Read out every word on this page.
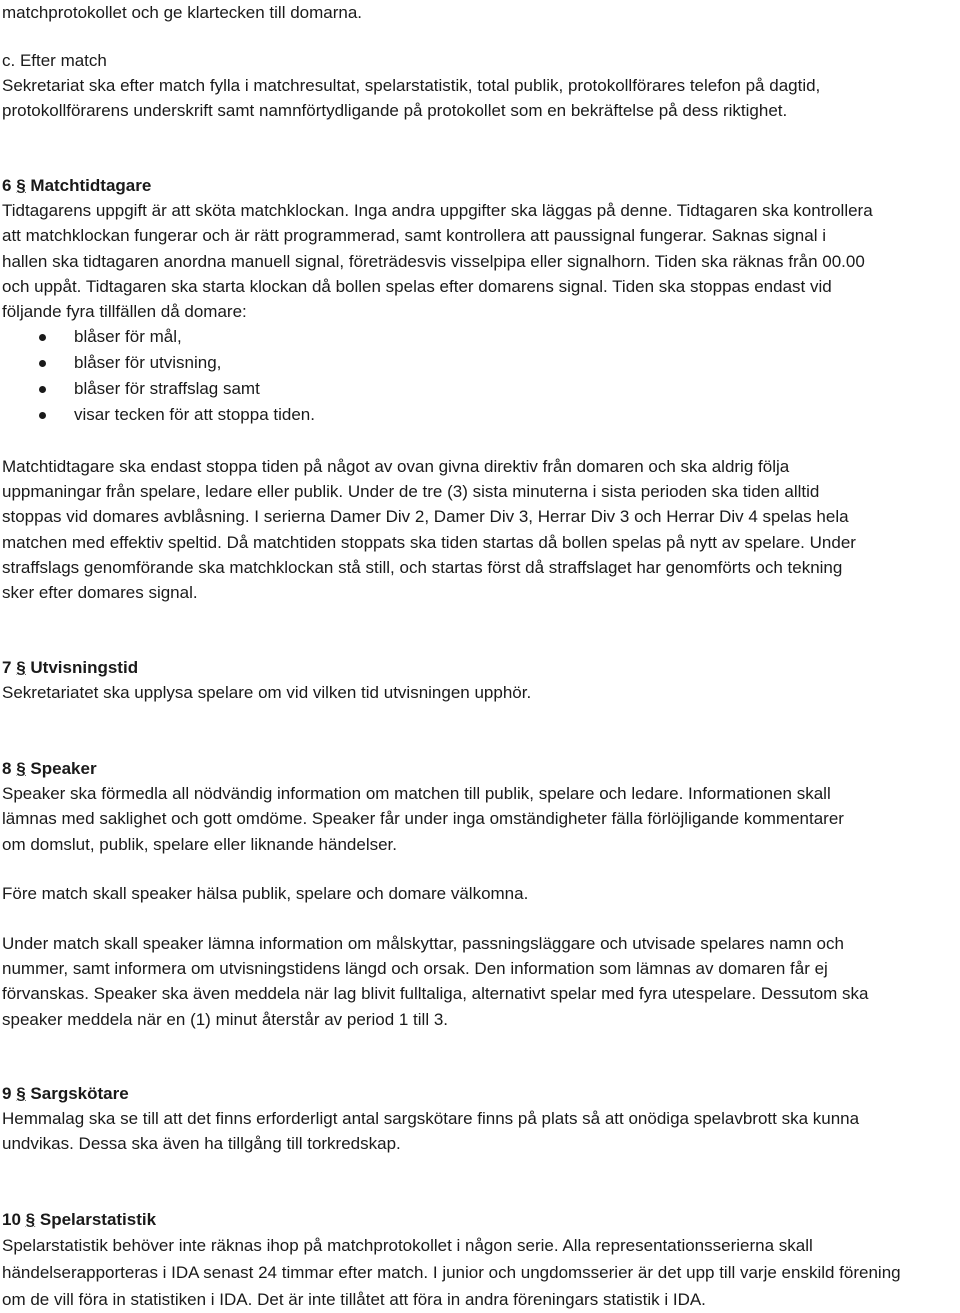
matchprotokollet och ge klartecken till domarna.
c. Efter match
Sekretariat ska efter match fylla i matchresultat, spelarstatistik, total publik, protokollförares telefon på dagtid,
protokollförarens underskrift samt namnförtydligande på protokollet som en bekräftelse på dess riktighet.
6 § Matchtidtagare
Tidtagarens uppgift är att sköta matchklockan. Inga andra uppgifter ska läggas på denne. Tidtagaren ska kontrollera
att matchklockan fungerar och är rätt programmerad, samt kontrollera att paussignal fungerar. Saknas signal i
hallen ska tidtagaren anordna manuell signal, företrädesvis visselpipa eller signalhorn. Tiden ska räknas från 00.00
och uppåt. Tidtagaren ska starta klockan då bollen spelas efter domarens signal. Tiden ska stoppas endast vid
följande fyra tillfällen då domare:
blåser för mål,
blåser för utvisning,
blåser för straffslag samt
visar tecken för att stoppa tiden.
Matchtidtagare ska endast stoppa tiden på något av ovan givna direktiv från domaren och ska aldrig följa
uppmaningar från spelare, ledare eller publik. Under de tre (3) sista minuterna i sista perioden ska tiden alltid
stoppas vid domares avblåsning. I serierna Damer Div 2, Damer Div 3, Herrar Div 3 och Herrar Div 4 spelas hela
matchen med effektiv speltid. Då matchtiden stoppats ska tiden startas då bollen spelas på nytt av spelare. Under
straffslags genomförande ska matchklockan stå still, och startas först då straffslaget har genomförts och tekning
sker efter domares signal.
7 § Utvisningstid
Sekretariatet ska upplysa spelare om vid vilken tid utvisningen upphör.
8 § Speaker
Speaker ska förmedla all nödvändig information om matchen till publik, spelare och ledare. Informationen skall
lämnas med saklighet och gott omdöme. Speaker får under inga omständigheter fälla förlöjligande kommentarer
om domslut, publik, spelare eller liknande händelser.
Före match skall speaker hälsa publik, spelare och domare välkomna.
Under match skall speaker lämna information om målskyttar, passningsläggare och utvisade spelares namn och
nummer, samt informera om utvisningstidens längd och orsak. Den information som lämnas av domaren får ej
förvanskas. Speaker ska även meddela när lag blivit fulltaliga, alternativt spelar med fyra utespelare. Dessutom ska
speaker meddela när en (1) minut återstår av period 1 till 3.
9 § Sargskötare
Hemmalag ska se till att det finns erforderligt antal sargskötare finns på plats så att onödiga spelavbrott ska kunna
undvikas. Dessa ska även ha tillgång till torkredskap.
10 § Spelarstatistik
Spelarstatistik behöver inte räknas ihop på matchprotokollet i någon serie. Alla representationsserierna skall
händelserapporteras i IDA senast 24 timmar efter match. I junior och ungdomsserier är det upp till varje enskild förening
om de vill föra in statistiken i IDA. Det är inte tillåtet att föra in andra föreningars statistik i IDA.
